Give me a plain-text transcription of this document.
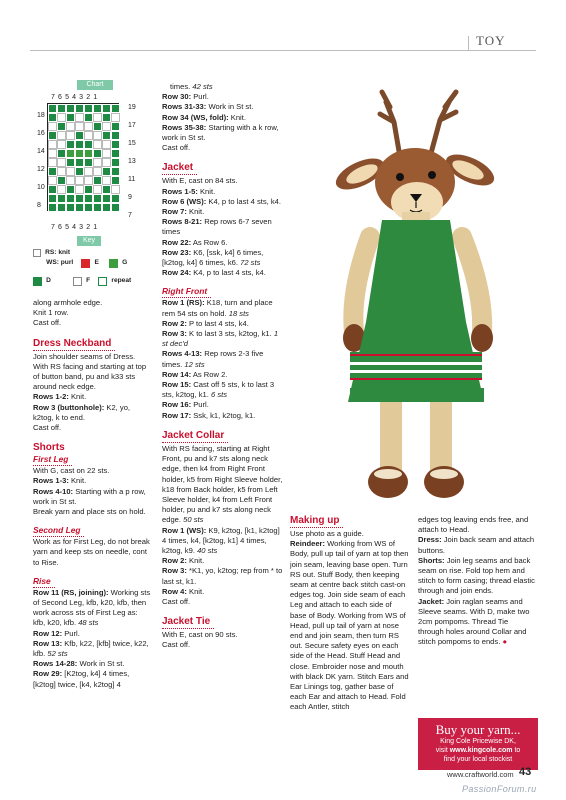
TOY
Chart
7 6 5 4 3 2 1
18
16
14
12
10
8
19
17
15
13
11
9
7
7 6 5 4 3 2 1
Key
RS: knit
WS: purl	E	G
D	F	repeat

along armhole edge.

Knit 1 row.

Cast off.

Dress Neckband

Join shoulder seams of Dress. With RS facing and starting at top of button band, pu and k33 sts around neck edge.

Rows 1-2: Knit.

Row 3 (buttonhole): K2, yo, k2tog, k to end.

Cast off.

Shorts
First Leg

With G, cast on 22 sts.

Rows 1-3: Knit.

Rows 4-10: Starting with a p row, work in St st.

Break yarn and place sts on hold.

Second Leg

Work as for First Leg, do not break yarn and keep sts on needle, cont to Rise.

Rise

Row 11 (RS, joining): Working sts of Second Leg, kfb, k20, kfb, then work across sts of First Leg as: kfb, k20, kfb. 48 sts

Row 12: Purl.

Row 13: Kfb, k22, [kfb] twice, k22, kfb. 52 sts

Rows 14-28: Work in St st.

Row 29: [K2tog, k4] 4 times, [k2tog] twice, [k4, k2tog] 4

times. 42 sts

Row 30: Purl.

Rows 31-33: Work in St st.

Row 34 (WS, fold): Knit.

Rows 35-38: Starting with a k row, work in St st.

Cast off.

Jacket

With E, cast on 84 sts.

Rows 1-5: Knit.

Row 6 (WS): K4, p to last 4 sts, k4.

Row 7: Knit.

Rows 8-21: Rep rows 6-7 seven times

Row 22: As Row 6.

Row 23: K6, [ssk, k4] 6 times, [k2tog, k4] 6 times, k6. 72 sts

Row 24: K4, p to last 4 sts, k4.

Right Front

Row 1 (RS): K18, turn and place rem 54 sts on hold. 18 sts

Row 2: P to last 4 sts, k4.

Row 3: K to last 3 sts, k2tog, k1. 1 st dec'd

Rows 4-13: Rep rows 2-3 five times. 12 sts

Row 14: As Row 2.

Row 15: Cast off 5 sts, k to last 3 sts, k2tog, k1. 6 sts

Row 16: Purl.

Row 17: Ssk, k1, k2tog, k1.

Jacket Collar

With RS facing, starting at Right Front, pu and k7 sts along neck edge, then k4 from Right Front holder, k5 from Right Sleeve holder, k18 from Back holder, k5 from Left Sleeve holder, k4 from Left Front holder, pu and k7 sts along neck edge. 50 sts

Row 1 (WS): K9, k2tog, [k1, k2tog] 4 times, k4, [k2tog, k1] 4 times, k2tog, k9. 40 sts

Row 2: Knit.

Row 3: *K1, yo, k2tog; rep from * to last st, k1.

Row 4: Knit.

Cast off.

Jacket Tie

With E, cast on 90 sts.

Cast off.

Making up

Use photo as a guide.

Reindeer: Working from WS of Body, pull up tail of yarn at top then join seam, leaving base open. Turn RS out. Stuff Body, then keeping seam at centre back stitch cast-on edges tog. Join side seam of each Leg and attach to each side of base of Body. Working from WS of Head, pull up tail of yarn at nose end and join seam, then turn RS out. Secure safety eyes on each side of the Head. Stuff Head and close. Embroider nose and mouth with black DK yarn. Stitch Ears and Ear Linings tog, gather base of each Ear and attach to Head. Fold each Antler, stitch

edges tog leaving ends free, and attach to Head.

Dress: Join back seam and attach buttons.

Shorts: Join leg seams and back seam on rise. Fold top hem and stitch to form casing; thread elastic through and join ends.

Jacket: Join raglan seams and Sleeve seams. With D, make two 2cm pompoms. Thread Tie through holes around Collar and stitch pompoms to ends. ●

Buy your yarn...
King Cole Pricewise DK,
visit www.kingcole.com to
find your local stockist
www.craftworld.com 43
PassionForum.ru
